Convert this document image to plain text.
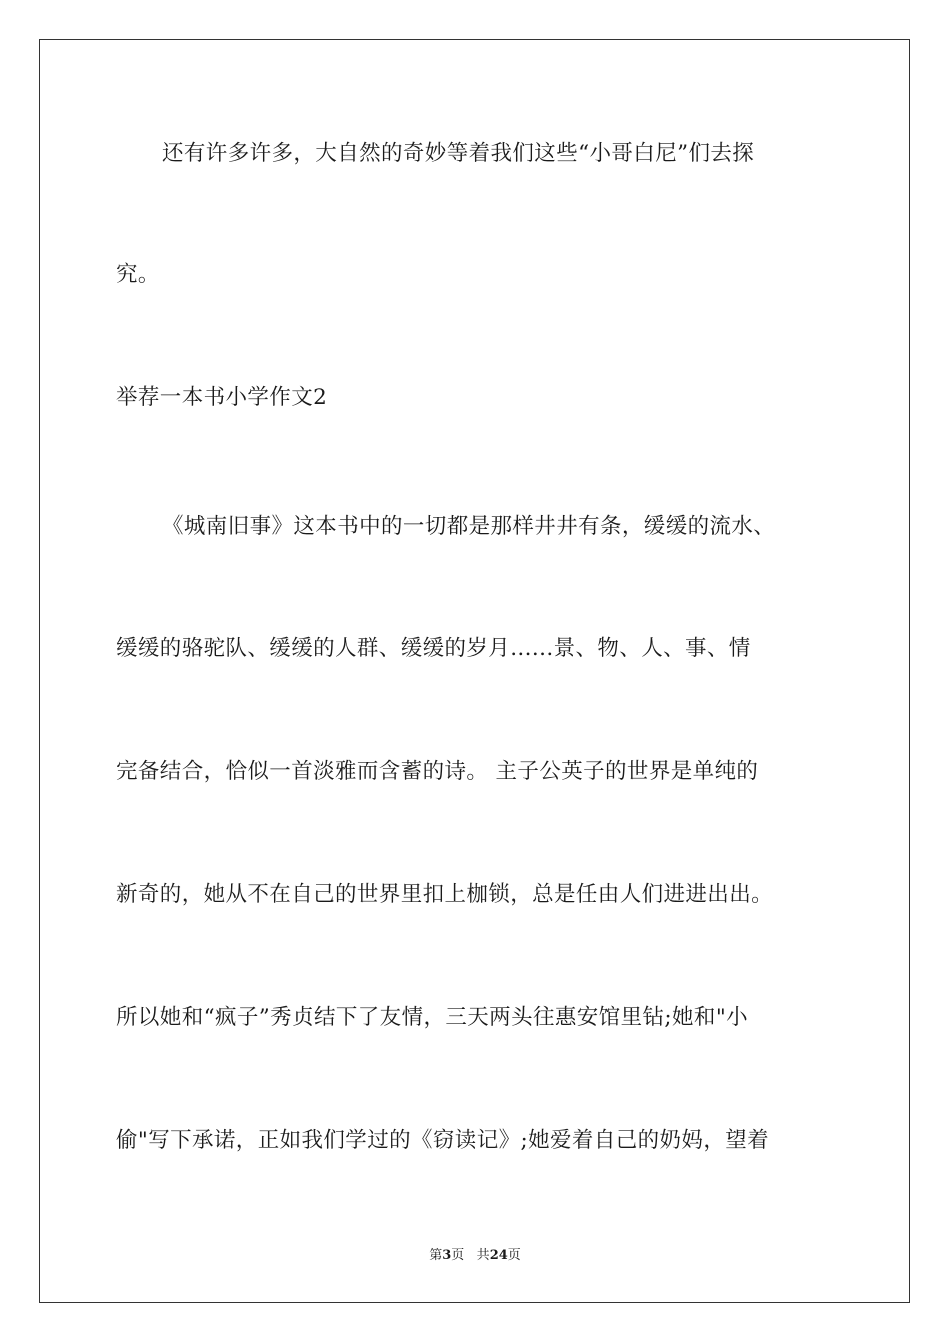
还有许多许多，大自然的奇妙等着我们这些“小哥白尼”们去探
究。
举荐一本书小学作文2
《城南旧事》这本书中的一切都是那样井井有条，缓缓的流水、
缓缓的骆驼队、缓缓的人群、缓缓的岁月......景、物、人、事、情
完备结合，恰似一首淡雅而含蓄的诗。 主子公英子的世界是单纯的
新奇的，她从不在自己的世界里扣上枷锁，总是任由人们进进出出。
所以她和“疯子”秀贞结下了友情，三天两头往惠安馆里钻;她和"小
偷"写下承诺，正如我们学过的《窃读记》;她爱着自己的奶妈，望着
第3页 共24页
